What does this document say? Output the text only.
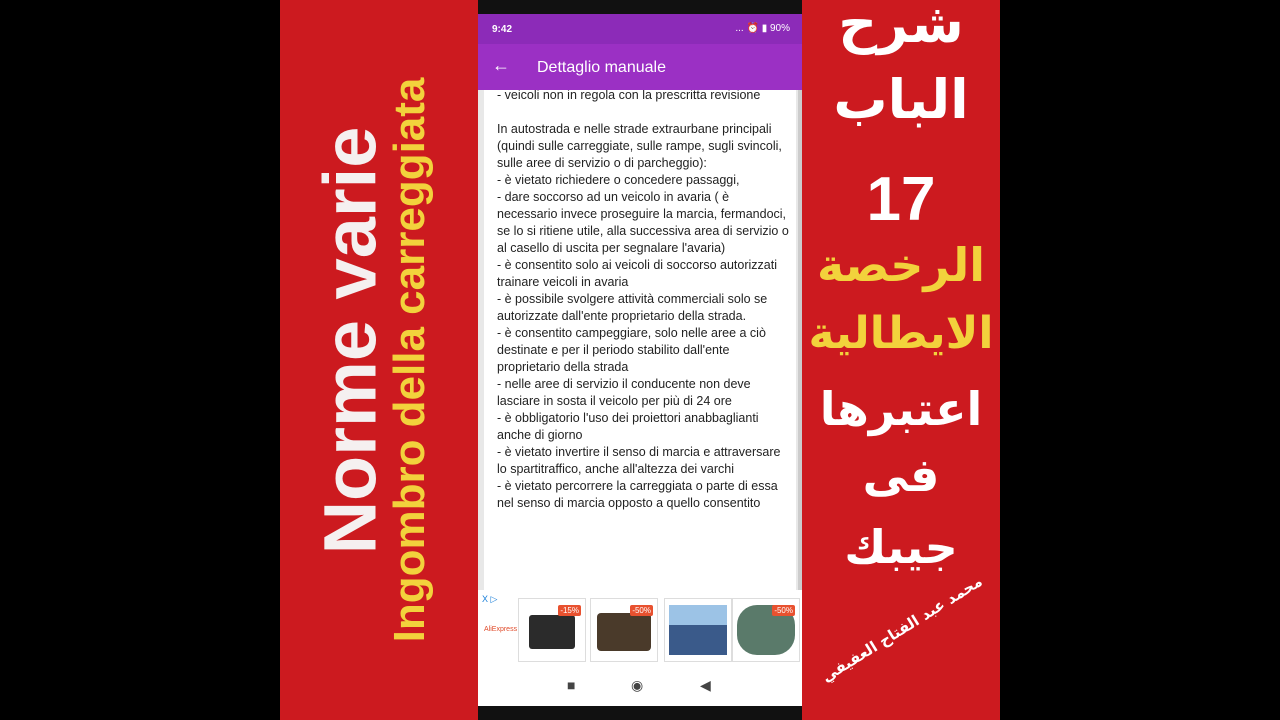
Norme varie
Ingombro della carreggiata
9:42	... ⏰ ▮ 90%
← Dettaglio manuale
- veicoli non in regola con la prescritta revisione

In autostrada e nelle strade extraurbane principali (quindi sulle carreggiate, sulle rampe, sugli svincoli, sulle aree di servizio o di parcheggio):
- è vietato richiedere o concedere passaggi,
- dare soccorso ad un veicolo in avaria ( è necessario invece proseguire la marcia, fermandoci, se lo si ritiene utile, alla successiva area di servizio o al casello di uscita per segnalare l'avaria)
- è consentito solo ai veicoli di soccorso autorizzati trainare veicoli in avaria
- è possibile svolgere attività commerciali solo se autorizzate dall'ente proprietario della strada.
- è consentito campeggiare, solo nelle aree a ciò destinate e per il periodo stabilito dall'ente proprietario della strada
- nelle aree di servizio il conducente non deve lasciare in sosta il veicolo per più di 24 ore
- è obbligatorio l'uso dei proiettori anabbaglianti anche di giorno
- è vietato invertire il senso di marcia e attraversare lo spartitraffico, anche all'altezza dei varchi
- è vietato percorrere la carreggiata o parte di essa nel senso di marcia opposto a quello consentito
X ▷
AliExpress
-15%	-50%	-50%
■	◉	◀
شرح
الباب
17
الرخصة
الايطالية
اعتبرها
فى
جيبك
محمد عبد الفتاح العفيفي
